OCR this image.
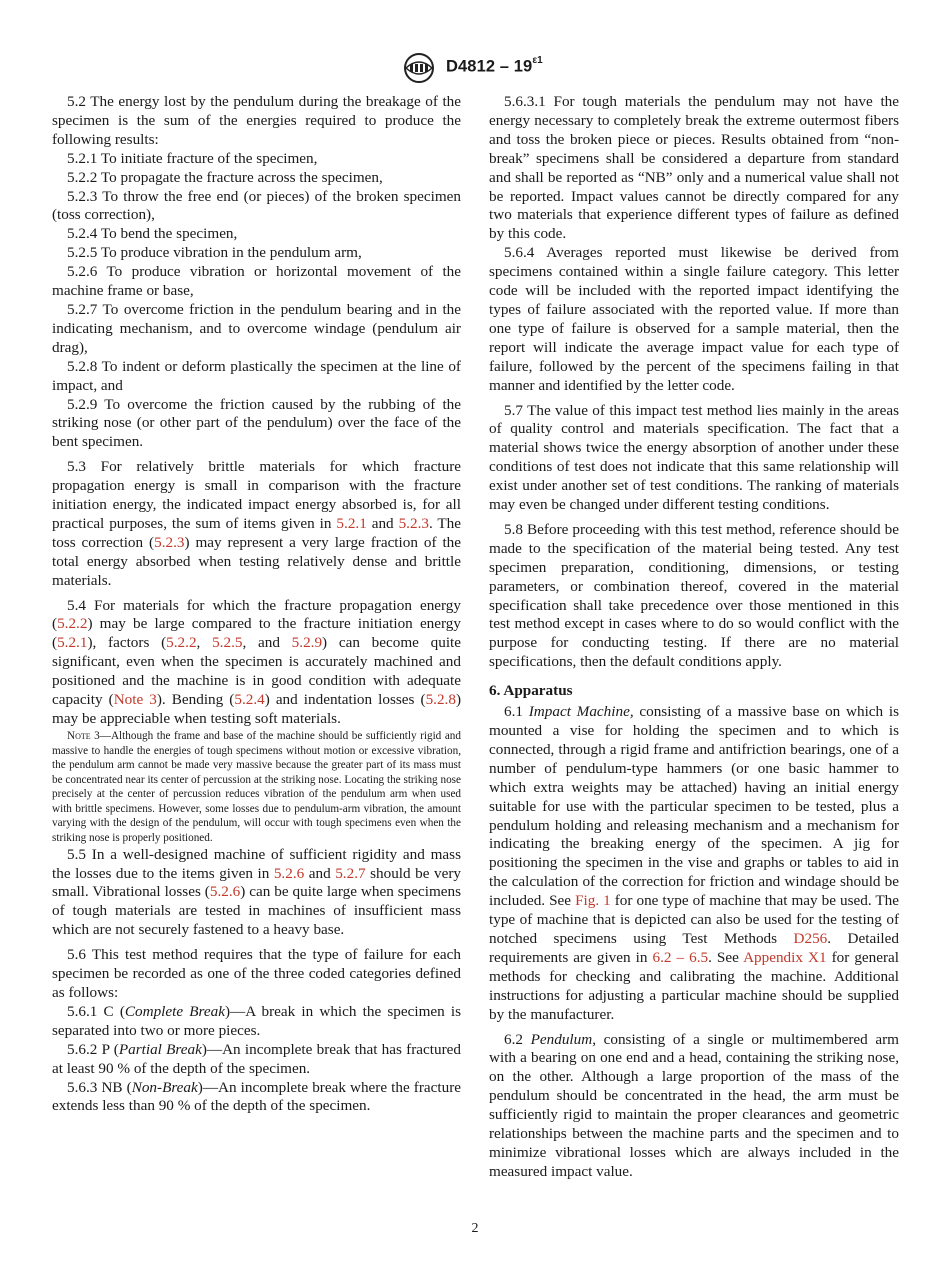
$D4812 - 19^{\varepsilon 1}$

5.2 The energy lost by the pendulum during the breakage of the specimen is the sum of the energies required to produce the following results:

5.2.1 To initiate fracture of the specimen,

5.2.2 To propagate the fracture across the specimen,

5.2.3 To throw the free end (or pieces) of the broken specimen (toss correction),

5.2.4 To bend the specimen,

5.2.5 To produce vibration in the pendulum arm,

5.2.6 To produce vibration or horizontal movement of the machine frame or base,

5.2.7 To overcome friction in the pendulum bearing and in the indicating mechanism, and to overcome windage (pendulum air drag),

5.2.8 To indent or deform plastically the specimen at the line of impact, and

5.2.9 To overcome the friction caused by the rubbing of the striking nose (or other part of the pendulum) over the face of the bent specimen.

5.3 For relatively brittle materials for which fracture propagation energy is small in comparison with the fracture initiation energy, the indicated impact energy absorbed is, for all practical purposes, the sum of items given in 5.2.1 and 5.2.3. The toss correction (5.2.3) may represent a very large fraction of the total energy absorbed when testing relatively dense and brittle materials.

5.4 For materials for which the fracture propagation energy (5.2.2) may be large compared to the fracture initiation energy (5.2.1), factors (5.2.2, 5.2.5, and 5.2.9) can become quite significant, even when the specimen is accurately machined and positioned and the machine is in good condition with adequate capacity (Note 3). Bending (5.2.4) and indentation losses (5.2.8) may be appreciable when testing soft materials.

Note 3—Although the frame and base of the machine should be sufficiently rigid and massive to handle the energies of tough specimens without motion or excessive vibration, the pendulum arm cannot be made very massive because the greater part of its mass must be concentrated near its center of percussion at the striking nose. Locating the striking nose precisely at the center of percussion reduces vibration of the pendulum arm when used with brittle specimens. However, some losses due to pendulum-arm vibration, the amount varying with the design of the pendulum, will occur with tough specimens even when the striking nose is properly positioned.

5.5 In a well-designed machine of sufficient rigidity and mass the losses due to the items given in 5.2.6 and 5.2.7 should be very small. Vibrational losses (5.2.6) can be quite large when specimens of tough materials are tested in machines of insufficient mass which are not securely fastened to a heavy base.

5.6 This test method requires that the type of failure for each specimen be recorded as one of the three coded categories defined as follows:

5.6.1 C (Complete Break)—A break in which the specimen is separated into two or more pieces.

5.6.2 P (Partial Break)—An incomplete break that has fractured at least 90 % of the depth of the specimen.

5.6.3 NB (Non-Break)—An incomplete break where the fracture extends less than 90 % of the depth of the specimen.

5.6.3.1 For tough materials the pendulum may not have the energy necessary to completely break the extreme outermost fibers and toss the broken piece or pieces. Results obtained from “non-break” specimens shall be considered a departure from standard and shall be reported as “NB” only and a numerical value shall not be reported. Impact values cannot be directly compared for any two materials that experience different types of failure as defined by this code.

5.6.4 Averages reported must likewise be derived from specimens contained within a single failure category. This letter code will be included with the reported impact identifying the types of failure associated with the reported value. If more than one type of failure is observed for a sample material, then the report will indicate the average impact value for each type of failure, followed by the percent of the specimens failing in that manner and identified by the letter code.

5.7 The value of this impact test method lies mainly in the areas of quality control and materials specification. The fact that a material shows twice the energy absorption of another under these conditions of test does not indicate that this same relationship will exist under another set of test conditions. The ranking of materials may even be changed under different testing conditions.

5.8 Before proceeding with this test method, reference should be made to the specification of the material being tested. Any test specimen preparation, conditioning, dimensions, or testing parameters, or combination thereof, covered in the material specification shall take precedence over those mentioned in this test method except in cases where to do so would conflict with the purpose for conducting testing. If there are no material specifications, then the default conditions apply.

6. Apparatus

6.1 Impact Machine, consisting of a massive base on which is mounted a vise for holding the specimen and to which is connected, through a rigid frame and antifriction bearings, one of a number of pendulum-type hammers (or one basic hammer to which extra weights may be attached) having an initial energy suitable for use with the particular specimen to be tested, plus a pendulum holding and releasing mechanism and a mechanism for indicating the breaking energy of the specimen. A jig for positioning the specimen in the vise and graphs or tables to aid in the calculation of the correction for friction and windage should be included. See Fig. 1 for one type of machine that may be used. The type of machine that is depicted can also be used for the testing of notched specimens using Test Methods D256. Detailed requirements are given in 6.2 – 6.5. See Appendix X1 for general methods for checking and calibrating the machine. Additional instructions for adjusting a particular machine should be supplied by the manufacturer.

6.2 Pendulum, consisting of a single or multimembered arm with a bearing on one end and a head, containing the striking nose, on the other. Although a large proportion of the mass of the pendulum should be concentrated in the head, the arm must be sufficiently rigid to maintain the proper clearances and geometric relationships between the machine parts and the specimen and to minimize vibrational losses which are always included in the measured impact value.

2
